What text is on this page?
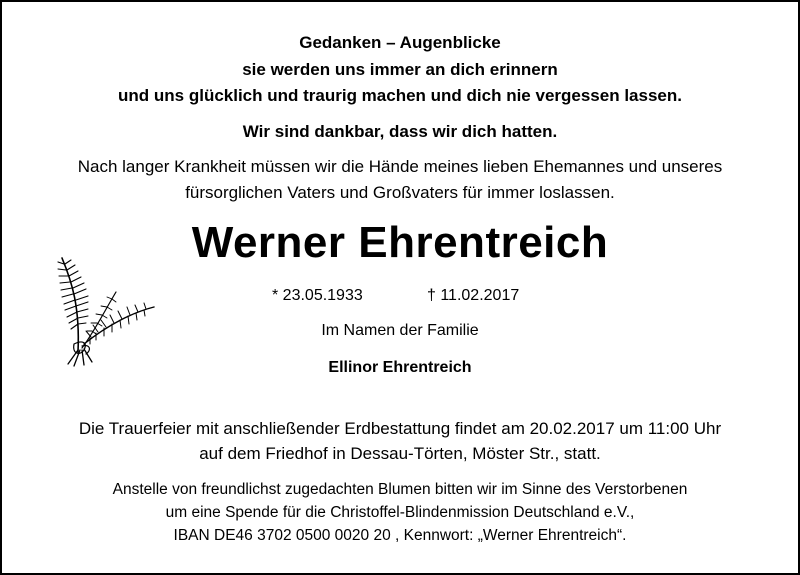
Gedanken – Augenblicke
sie werden uns immer an dich erinnern
und uns glücklich und traurig machen und dich nie vergessen lassen.
Wir sind dankbar, dass wir dich hatten.
Nach langer Krankheit müssen wir die Hände meines lieben Ehemannes und unseres
fürsorglichen Vaters und Großvaters für immer loslassen.
Werner Ehrentreich
* 23.05.1933	† 11.02.2017
Im Namen der Familie
Ellinor Ehrentreich
Die Trauerfeier mit anschließender Erdbestattung findet am 20.02.2017 um 11:00 Uhr
auf dem Friedhof in Dessau-Törten, Möster Str., statt.
Anstelle von freundlichst zugedachten Blumen bitten wir im Sinne des Verstorbenen
um eine Spende für die Christoffel-Blindenmission Deutschland e.V.,
IBAN DE46 3702 0500 0020 20 , Kennwort: „Werner Ehrentreich“.
